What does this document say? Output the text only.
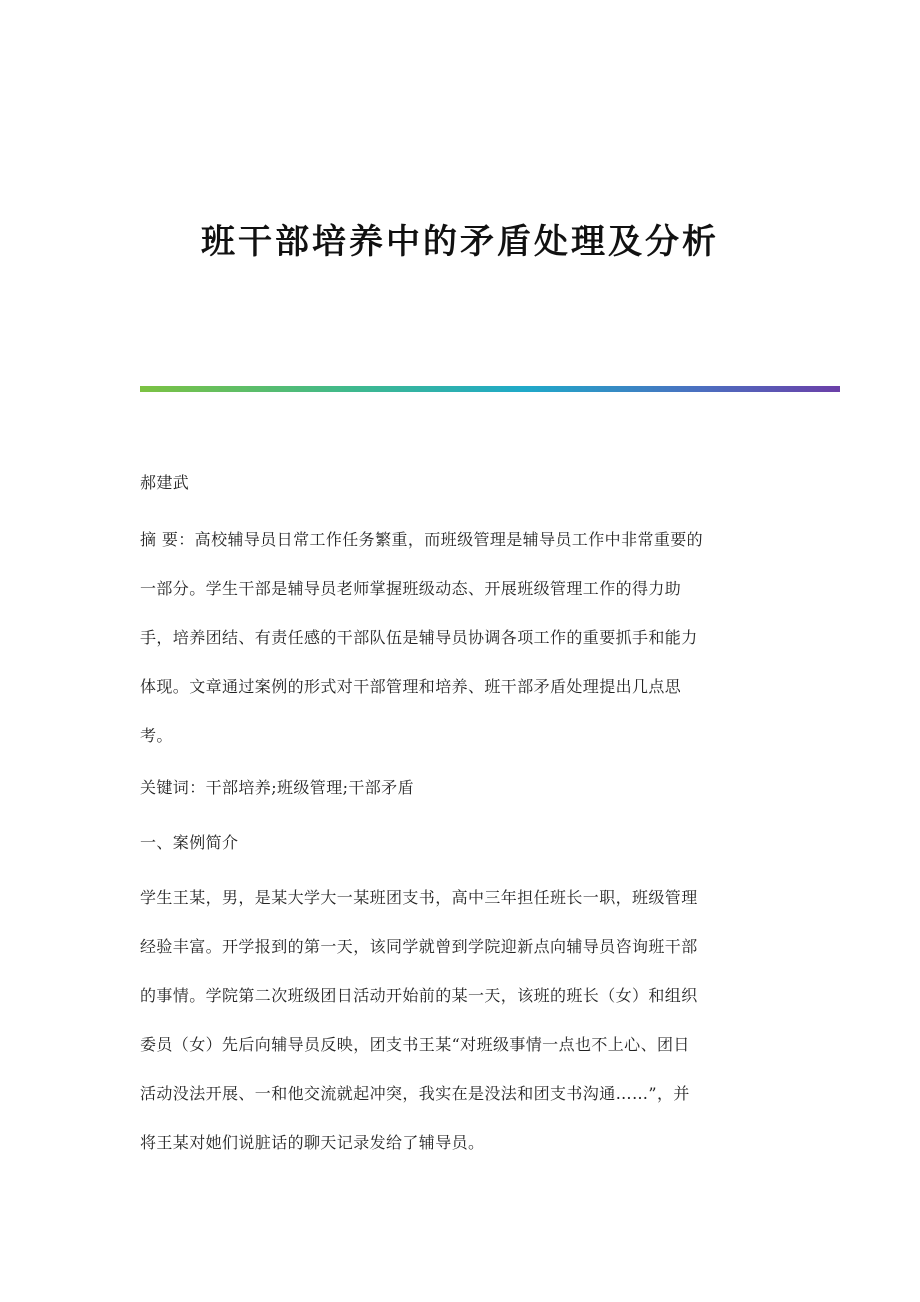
班干部培养中的矛盾处理及分析

郝建武

摘 要：高校辅导员日常工作任务繁重，而班级管理是辅导员工作中非常重要的
一部分。学生干部是辅导员老师掌握班级动态、开展班级管理工作的得力助
手，培养团结、有责任感的干部队伍是辅导员协调各项工作的重要抓手和能力
体现。文章通过案例的形式对干部管理和培养、班干部矛盾处理提出几点思
考。

关键词：干部培养;班级管理;干部矛盾

一、案例简介

学生王某，男，是某大学大一某班团支书，高中三年担任班长一职，班级管理
经验丰富。开学报到的第一天，该同学就曾到学院迎新点向辅导员咨询班干部
的事情。学院第二次班级团日活动开始前的某一天，该班的班长（女）和组织
委员（女）先后向辅导员反映，团支书王某“对班级事情一点也不上心、团日
活动没法开展、一和他交流就起冲突，我实在是没法和团支书沟通……”，并
将王某对她们说脏话的聊天记录发给了辅导员。
